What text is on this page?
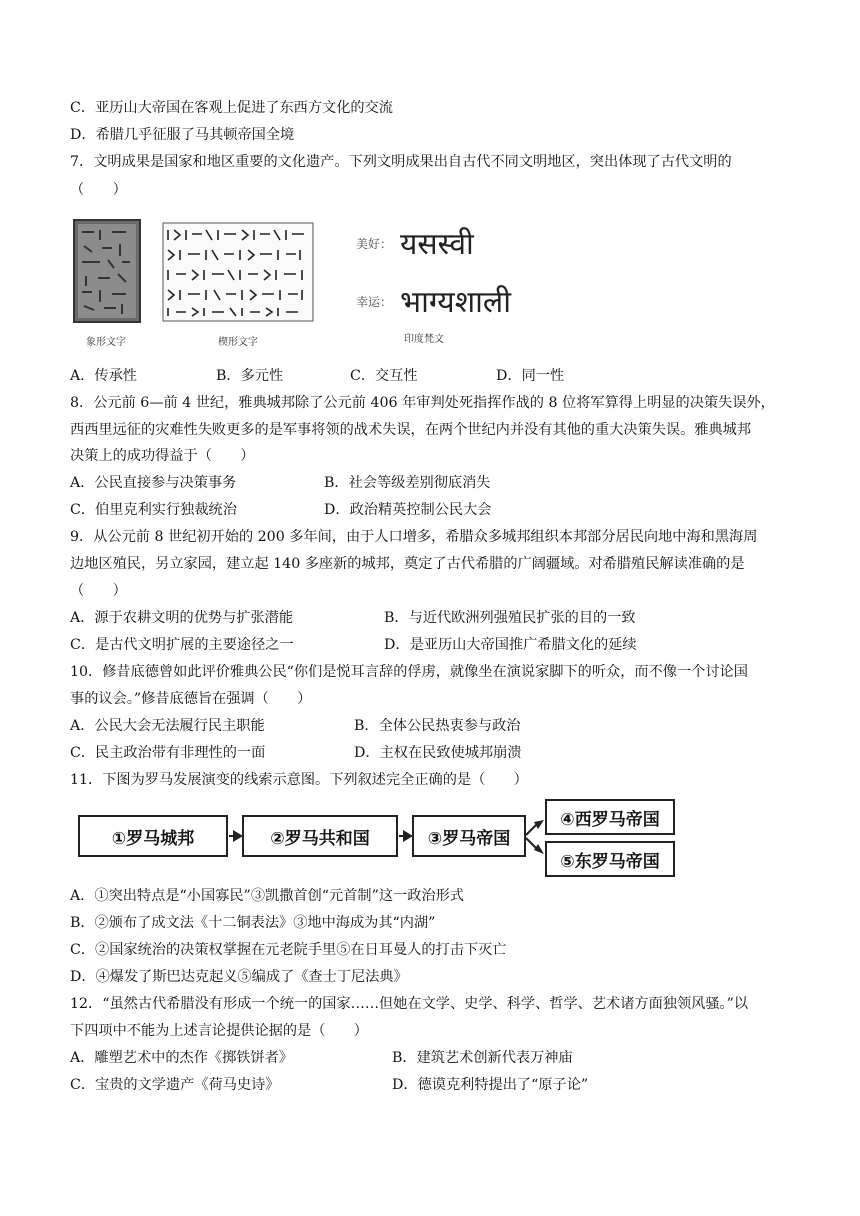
C．亚历山大帝国在客观上促进了东西方文化的交流
D．希腊几乎征服了马其顿帝国全境
7．文明成果是国家和地区重要的文化遗产。下列文明成果出自古代不同文明地区，突出体现了古代文明的
（　　）
象形文字	楔形文字
美好： यसस्वी
幸运： भाग्यशाली
印度梵文
A．传承性	B．多元性	C．交互性	D．同一性
8．公元前 6—前 4 世纪，雅典城邦除了公元前 406 年审判处死指挥作战的 8 位将军算得上明显的决策失误外，
西西里远征的灾难性失败更多的是军事将领的战术失误，在两个世纪内并没有其他的重大决策失误。雅典城邦
决策上的成功得益于（　　）
A．公民直接参与决策事务	B．社会等级差别彻底消失
C．伯里克利实行独裁统治	D．政治精英控制公民大会
9．从公元前 8 世纪初开始的 200 多年间，由于人口增多，希腊众多城邦组织本邦部分居民向地中海和黑海周
边地区殖民，另立家园，建立起 140 多座新的城邦，奠定了古代希腊的广阔疆域。对希腊殖民解读准确的是
（　　）
A．源于农耕文明的优势与扩张潜能	B．与近代欧洲列强殖民扩张的目的一致
C．是古代文明扩展的主要途径之一	D．是亚历山大帝国推广希腊文化的延续
10．修昔底德曾如此评价雅典公民“你们是悦耳言辞的俘虏，就像坐在演说家脚下的听众，而不像一个讨论国
事的议会。”修昔底德旨在强调（　　）
A．公民大会无法履行民主职能	B．全体公民热衷参与政治
C．民主政治带有非理性的一面	D．主权在民致使城邦崩溃
11．下图为罗马发展演变的线索示意图。下列叙述完全正确的是（　　）
①罗马城邦	②罗马共和国	③罗马帝国
④西罗马帝国
⑤东罗马帝国
A．①突出特点是“小国寡民”③凯撒首创“元首制”这一政治形式
B．②颁布了成文法《十二铜表法》③地中海成为其“内湖”
C．②国家统治的决策权掌握在元老院手里⑤在日耳曼人的打击下灭亡
D．④爆发了斯巴达克起义⑤编成了《查士丁尼法典》
12．“虽然古代希腊没有形成一个统一的国家……但她在文学、史学、科学、哲学、艺术诸方面独领风骚。”以
下四项中不能为上述言论提供论据的是（　　）
A．雕塑艺术中的杰作《掷铁饼者》	B．建筑艺术创新代表万神庙
C．宝贵的文学遗产《荷马史诗》	D．德谟克利特提出了“原子论”
